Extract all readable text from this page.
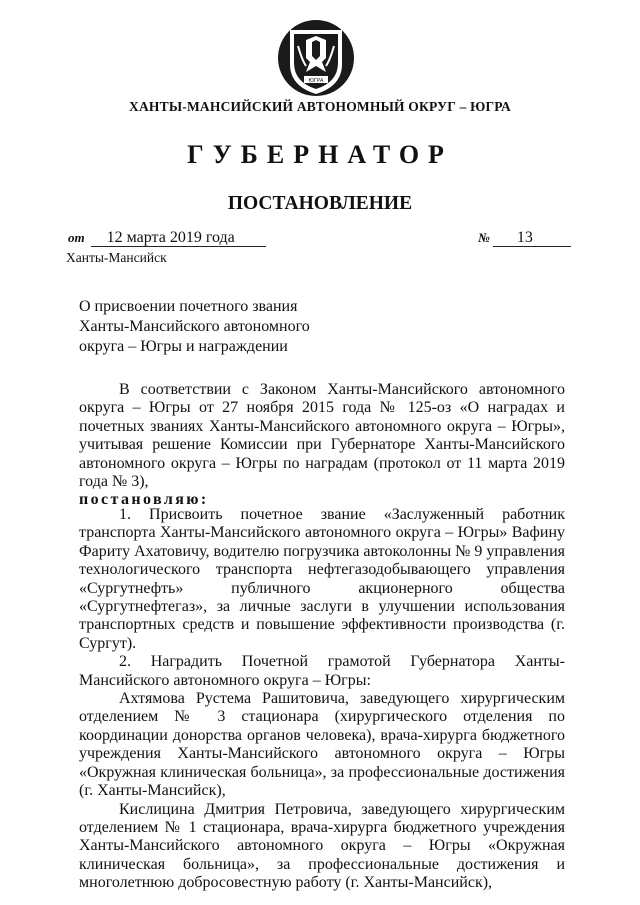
ЮГРА
ХАНТЫ-МАНСИЙСКИЙ АВТОНОМНЫЙ ОКРУГ – ЮГРА
ГУБЕРНАТОР
ПОСТАНОВЛЕНИЕ
от 12 марта 2019 года	№ 13
Ханты-Мансийск
О присвоении почетного звания Ханты-Мансийского автономного округа – Югры и награждении

В соответствии с Законом Ханты-Мансийского автономного округа – Югры от 27 ноября 2015 года № 125-оз «О наградах и почетных званиях Ханты-Мансийского автономного округа – Югры», учитывая решение Комиссии при Губернаторе Ханты-Мансийского автономного округа – Югры по наградам (протокол от 11 марта 2019 года № 3),

постановляю:

1. Присвоить почетное звание «Заслуженный работник транспорта Ханты-Мансийского автономного округа – Югры» Вафину Фариту Ахатовичу, водителю погрузчика автоколонны № 9 управления технологического транспорта нефтегазодобывающего управления «Сургутнефть» публичного акционерного общества «Сургутнефтегаз», за личные заслуги в улучшении использования транспортных средств и повышение эффективности производства (г. Сургут).

2. Наградить Почетной грамотой Губернатора Ханты-Мансийского автономного округа – Югры:

Ахтямова Рустема Рашитовича, заведующего хирургическим отделением № 3 стационара (хирургического отделения по координации донорства органов человека), врача-хирурга бюджетного учреждения Ханты-Мансийского автономного округа – Югры «Окружная клиническая больница», за профессиональные достижения (г. Ханты-Мансийск),

Кислицина Дмитрия Петровича, заведующего хирургическим отделением № 1 стационара, врача-хирурга бюджетного учреждения Ханты-Мансийского автономного округа – Югры «Окружная клиническая больница», за профессиональные достижения и многолетнюю добросовестную работу (г. Ханты-Мансийск),
